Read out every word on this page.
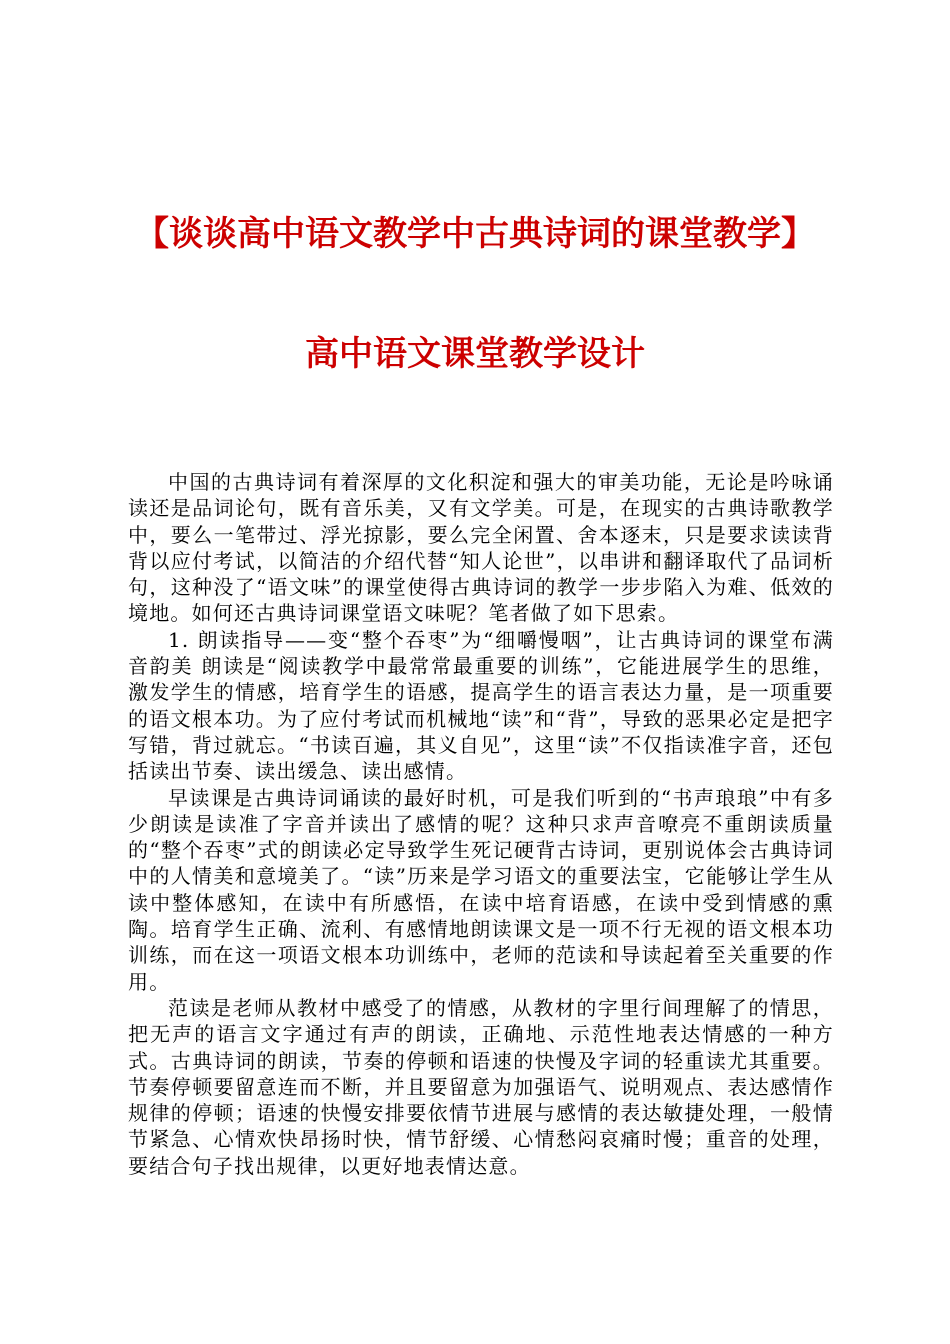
【谈谈高中语文教学中古典诗词的课堂教学】
高中语文课堂教学设计

中国的古典诗词有着深厚的文化积淀和强大的审美功能，无论是吟咏诵读还是品词论句，既有音乐美，又有文学美。可是，在现实的古典诗歌教学中，要么一笔带过、浮光掠影，要么完全闲置、舍本逐末，只是要求读读背背以应付考试，以简洁的介绍代替“知人论世”，以串讲和翻译取代了品词析句，这种没了“语文味”的课堂使得古典诗词的教学一步步陷入为难、低效的境地。如何还古典诗词课堂语文味呢？笔者做了如下思索。

1. 朗读指导——变“整个吞枣”为“细嚼慢咽”，让古典诗词的课堂布满音韵美 朗读是“阅读教学中最常常最重要的训练”，它能进展学生的思维，激发学生的情感，培育学生的语感，提高学生的语言表达力量，是一项重要的语文根本功。为了应付考试而机械地“读”和“背”，导致的恶果必定是把字写错，背过就忘。“书读百遍，其义自见”，这里“读”不仅指读准字音，还包括读出节奏、读出缓急、读出感情。

早读课是古典诗词诵读的最好时机，可是我们听到的“书声琅琅”中有多少朗读是读准了字音并读出了感情的呢？这种只求声音嘹亮不重朗读质量的“整个吞枣”式的朗读必定导致学生死记硬背古诗词，更别说体会古典诗词中的人情美和意境美了。“读”历来是学习语文的重要法宝，它能够让学生从读中整体感知，在读中有所感悟，在读中培育语感，在读中受到情感的熏陶。培育学生正确、流利、有感情地朗读课文是一项不行无视的语文根本功训练，而在这一项语文根本功训练中，老师的范读和导读起着至关重要的作用。

范读是老师从教材中感受了的情感，从教材的字里行间理解了的情思，把无声的语言文字通过有声的朗读，正确地、示范性地表达情感的一种方式。古典诗词的朗读，节奏的停顿和语速的快慢及字词的轻重读尤其重要。节奏停顿要留意连而不断，并且要留意为加强语气、说明观点、表达感情作规律的停顿；语速的快慢安排要依情节进展与感情的表达敏捷处理，一般情节紧急、心情欢快昂扬时快，情节舒缓、心情愁闷哀痛时慢；重音的处理，要结合句子找出规律，以更好地表情达意。
